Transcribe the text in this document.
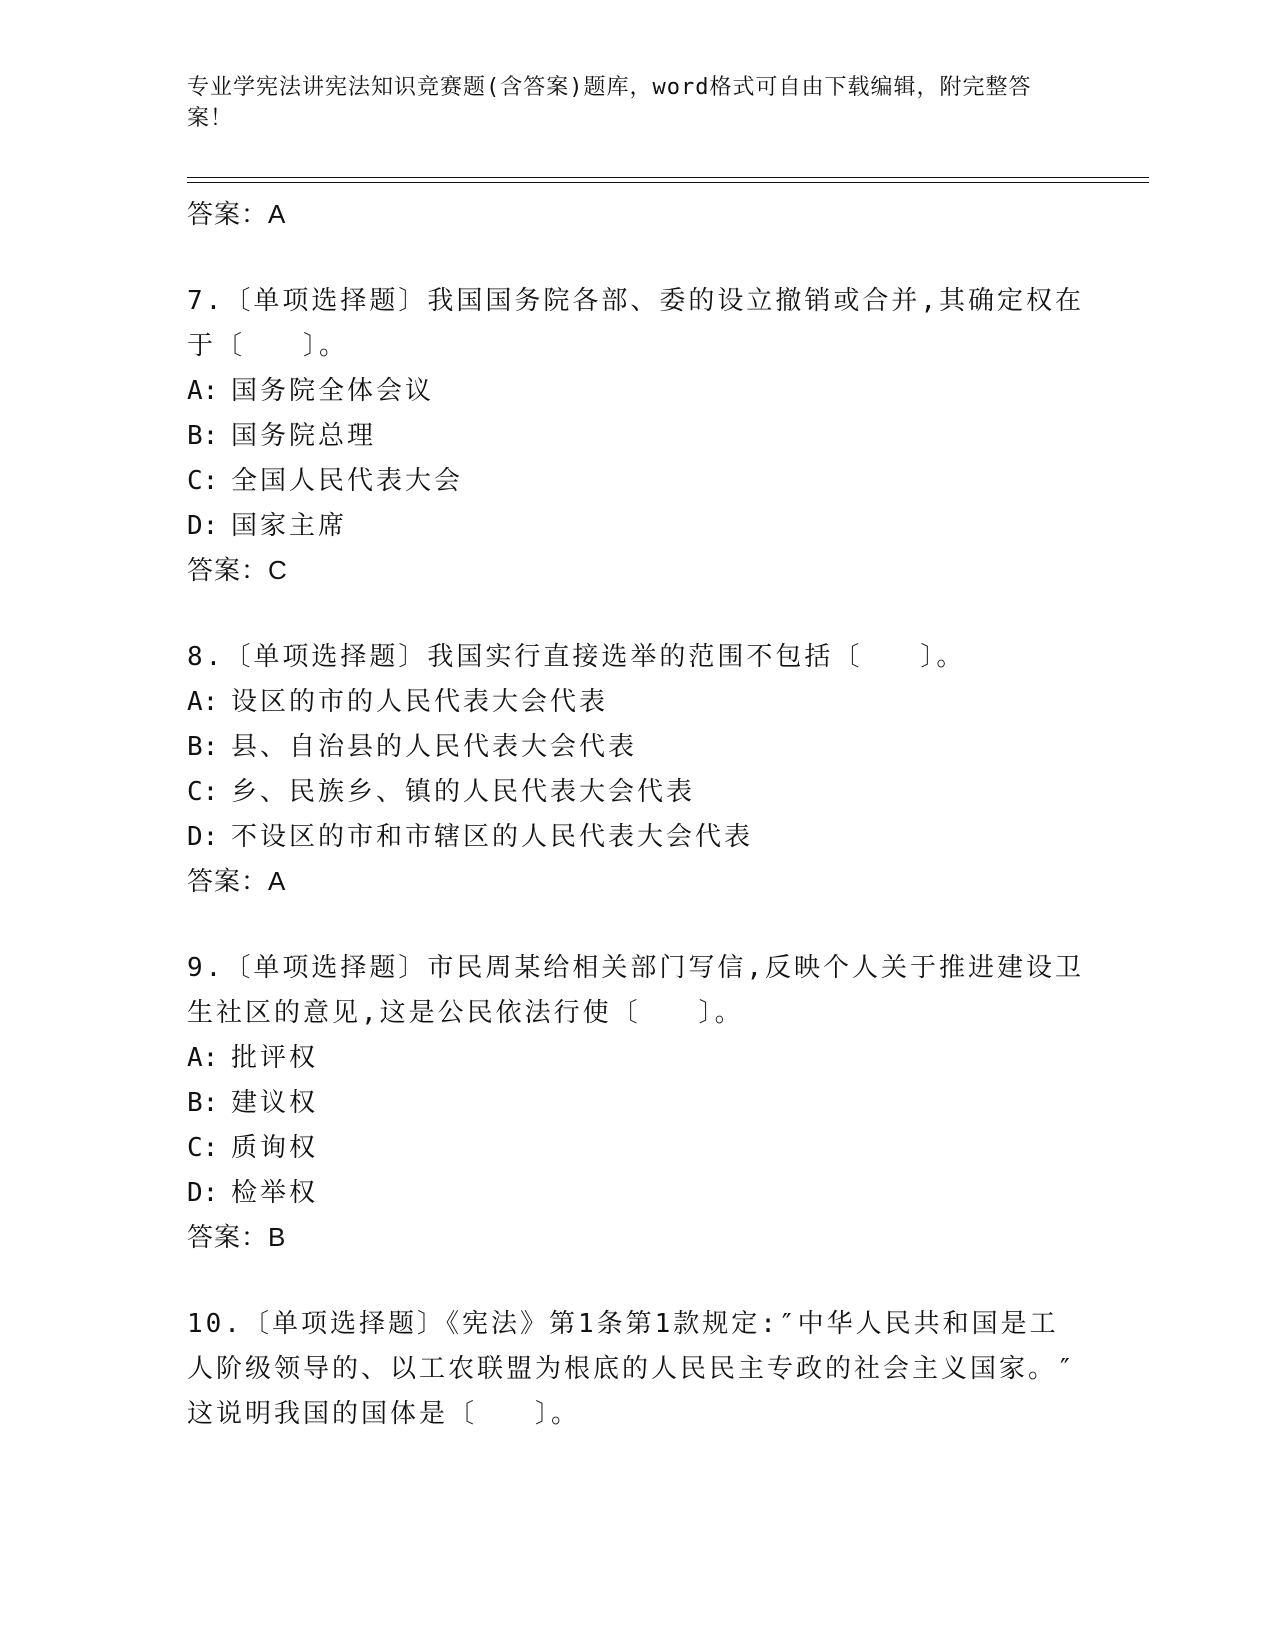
专业学宪法讲宪法知识竞赛题(含答案)题库，word格式可自由下载编辑，附完整答案！
答案：A
7.〔单项选择题〕我国国务院各部、委的设立撤销或合并,其确定权在于〔　　〕。
A: 国务院全体会议
B: 国务院总理
C: 全国人民代表大会
D: 国家主席
答案：C
8.〔单项选择题〕我国实行直接选举的范围不包括〔　　〕。
A: 设区的市的人民代表大会代表
B: 县、自治县的人民代表大会代表
C: 乡、民族乡、镇的人民代表大会代表
D: 不设区的市和市辖区的人民代表大会代表
答案：A
9.〔单项选择题〕市民周某给相关部门写信,反映个人关于推进建设卫生社区的意见,这是公民依法行使〔　　〕。
A: 批评权
B: 建议权
C: 质询权
D: 检举权
答案：B
10.〔单项选择题〕《宪法》第1条第1款规定:″中华人民共和国是工人阶级领导的、以工农联盟为根底的人民民主专政的社会主义国家。″这说明我国的国体是〔　　〕。
